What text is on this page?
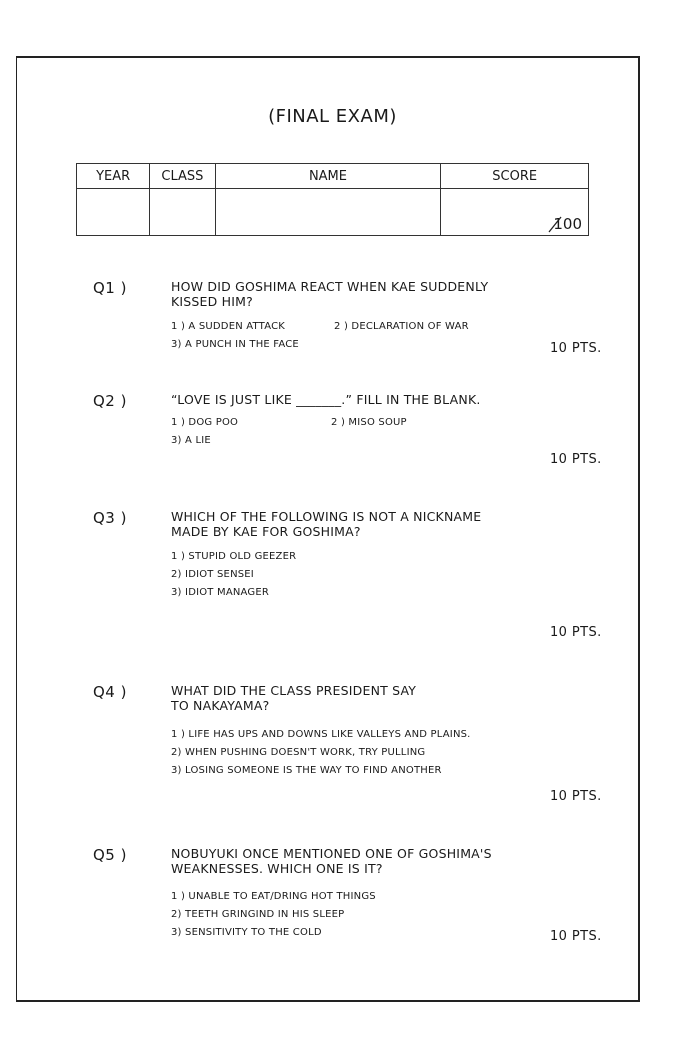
(FINAL EXAM)
YEAR	CLASS	NAME	SCORE

			100
Q1 )	HOW DID GOSHIMA REACT WHEN KAE SUDDENLY
KISSED HIM?
1 ) A SUDDEN ATTACK	2 ) DECLARATION OF WAR
3) A PUNCH IN THE FACE	10 PTS.
Q2 )	“LOVE IS JUST LIKE _______.” FILL IN THE BLANK.
1 ) DOG POO	2 ) MISO SOUP
3) A LIE
10 PTS.
Q3 )	WHICH OF THE FOLLOWING IS NOT A NICKNAME
MADE BY KAE FOR GOSHIMA?
1 ) STUPID OLD GEEZER
2) IDIOT SENSEI
3) IDIOT MANAGER
10 PTS.
Q4 )	WHAT DID THE CLASS PRESIDENT SAY
TO NAKAYAMA?
1 ) LIFE HAS UPS AND DOWNS LIKE VALLEYS AND PLAINS.
2) WHEN PUSHING DOESN'T WORK, TRY PULLING
3) LOSING SOMEONE IS THE WAY TO FIND ANOTHER
10 PTS.
Q5 )	NOBUYUKI ONCE MENTIONED ONE OF GOSHIMA'S
WEAKNESSES. WHICH ONE IS IT?
1 ) UNABLE TO EAT/DRING HOT THINGS
2) TEETH GRINGIND IN HIS SLEEP
3) SENSITIVITY TO THE COLD	10 PTS.
